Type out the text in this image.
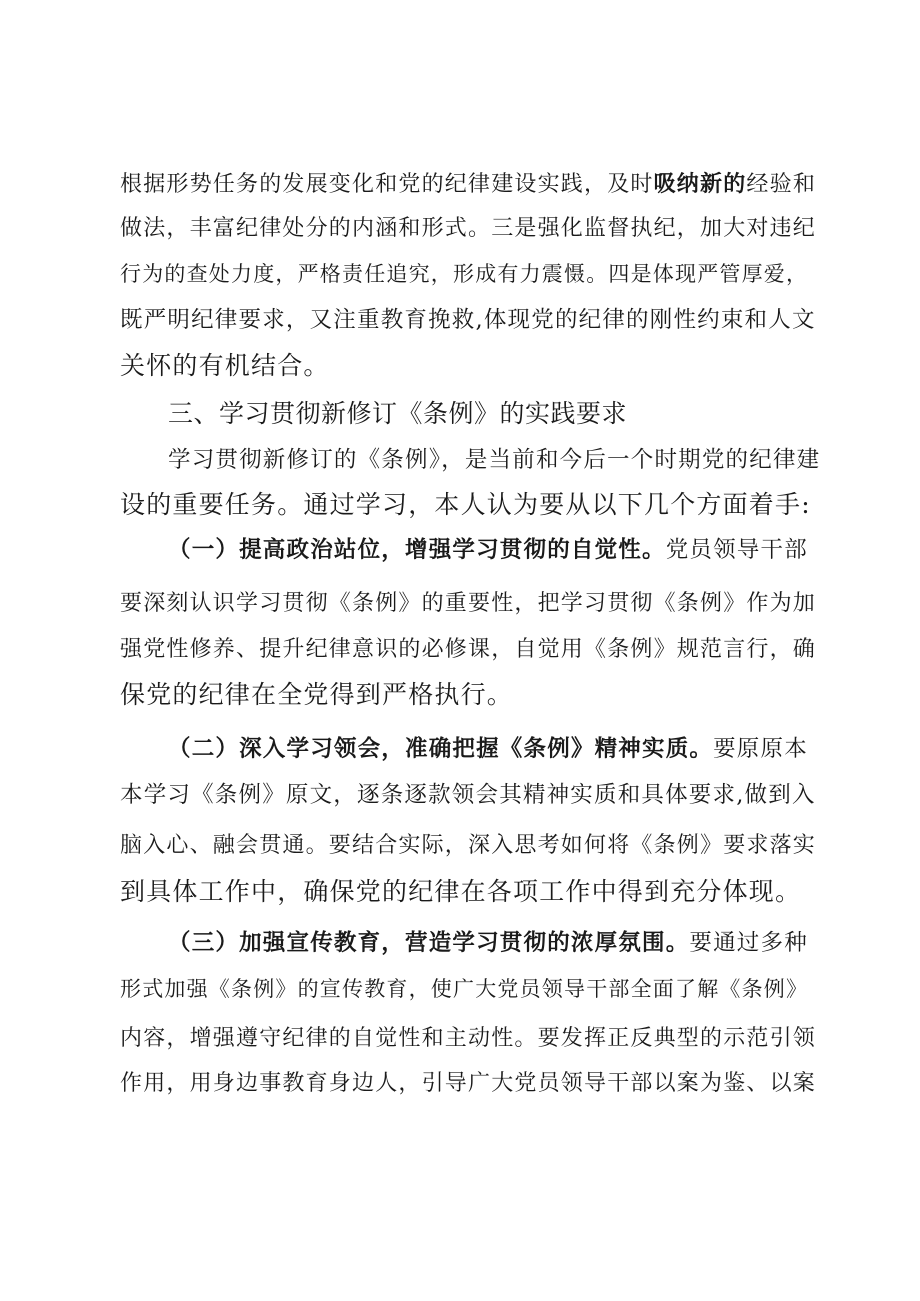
根据形势任务的发展变化和党的纪律建设实践，及时吸纳新的经验和
做法，丰富纪律处分的内涵和形式。三是强化监督执纪，加大对违纪
行为的查处力度，严格责任追究，形成有力震慑。四是体现严管厚爱，
既严明纪律要求，又注重教育挽救,体现党的纪律的刚性约束和人文
关怀的有机结合。
三、学习贯彻新修订《条例》的实践要求
学习贯彻新修订的《条例》，是当前和今后一个时期党的纪律建
设的重要任务。通过学习，本人认为要从以下几个方面着手:
（一）提高政治站位，增强学习贯彻的自觉性。党员领导干部
要深刻认识学习贯彻《条例》的重要性，把学习贯彻《条例》作为加
强党性修养、提升纪律意识的必修课，自觉用《条例》规范言行，确
保党的纪律在全党得到严格执行。
（二）深入学习领会，准确把握《条例》精神实质。要原原本
本学习《条例》原文，逐条逐款领会其精神实质和具体要求,做到入
脑入心、融会贯通。要结合实际，深入思考如何将《条例》要求落实
到具体工作中，确保党的纪律在各项工作中得到充分体现。
（三）加强宣传教育，营造学习贯彻的浓厚氛围。要通过多种
形式加强《条例》的宣传教育，使广大党员领导干部全面了解《条例》
内容，增强遵守纪律的自觉性和主动性。要发挥正反典型的示范引领
作用，用身边事教育身边人，引导广大党员领导干部以案为鉴、以案
